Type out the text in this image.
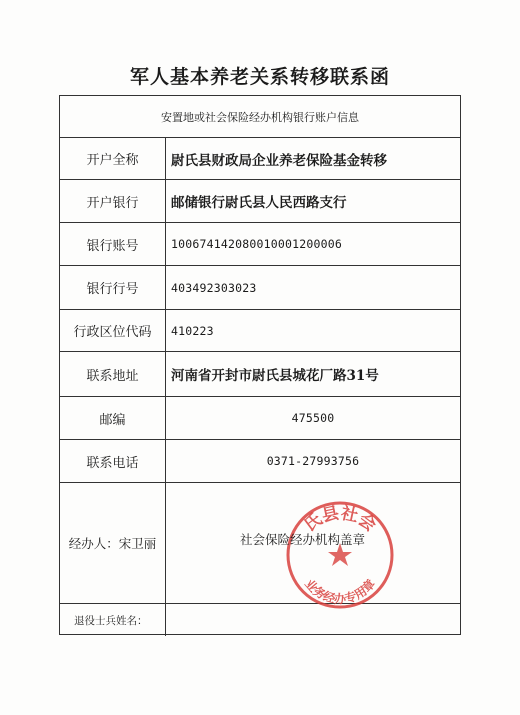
军人基本养老关系转移联系函
安置地或社会保险经办机构银行账户信息
开户全称	尉氏县财政局企业养老保险基金转移
开户银行	邮储银行尉氏县人民西路支行
银行账号	100674142080010001200006
银行行号	403492303023
行政区位代码	410223
联系地址	河南省开封市尉氏县城花厂路31号
邮编	475500
联系电话	0371-27993756
经办人：宋卫丽
氏县社会
业务经办专用章
社会保险经办机构盖章
退役士兵姓名：
